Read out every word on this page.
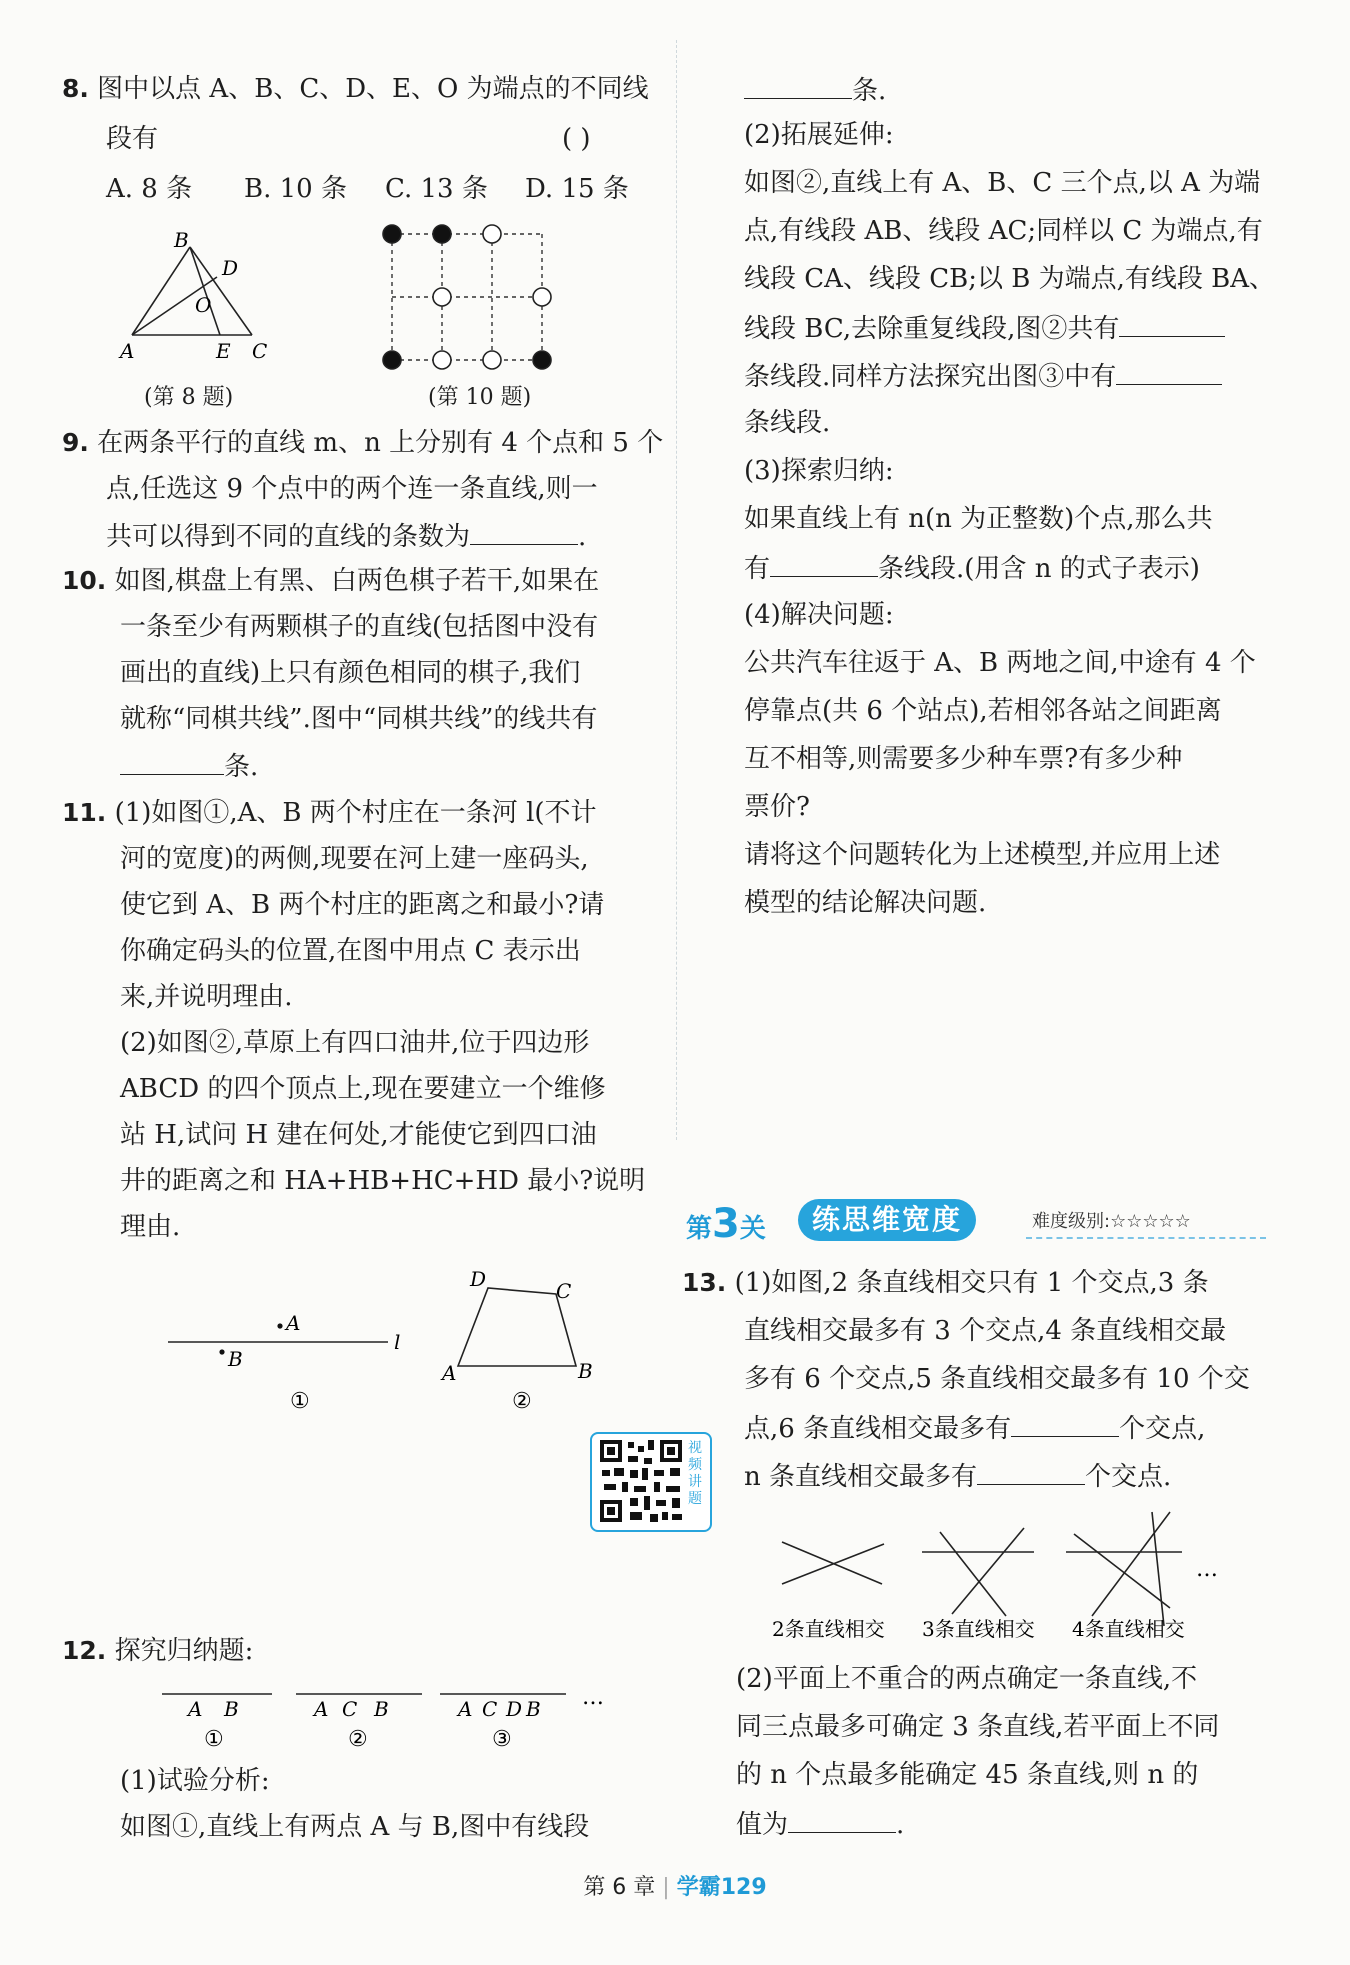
8. 图中以点 A、B、C、D、E、O 为端点的不同线
段有	( )
A. 8 条 B. 10 条 C. 13 条 D. 15 条
B
D
O
A	E C
(第 8 题)	(第 10 题)
9. 在两条平行的直线 m、n 上分别有 4 个点和 5 个
点,任选这 9 个点中的两个连一条直线,则一
共可以得到不同的直线的条数为	.
10. 如图,棋盘上有黑、白两色棋子若干,如果在
一条至少有两颗棋子的直线(包括图中没有
画出的直线)上只有颜色相同的棋子,我们
就称“同棋共线”.图中“同棋共线”的线共有
条.
11. (1)如图①,A、B 两个村庄在一条河 l(不计
河的宽度)的两侧,现要在河上建一座码头,
使它到 A、B 两个村庄的距离之和最小?请
你确定码头的位置,在图中用点 C 表示出
来,并说明理由.
(2)如图②,草原上有四口油井,位于四边形
ABCD 的四个顶点上,现在要建立一个维修
站 H,试问 H 建在何处,才能使它到四口油
井的距离之和 HA+HB+HC+HD 最小?说明
理由.
A
B
l
①
D	C
A	B
②
视频讲题
12. 探究归纳题:
A B	A C B	A C D B …
①	②	③
(1)试验分析:
如图①,直线上有两点 A 与 B,图中有线段
条.
(2)拓展延伸:
如图②,直线上有 A、B、C 三个点,以 A 为端
点,有线段 AB、线段 AC;同样以 C 为端点,有
线段 CA、线段 CB;以 B 为端点,有线段 BA、
线段 BC,去除重复线段,图②共有
条线段.同样方法探究出图③中有
条线段.
(3)探索归纳:
如果直线上有 n(n 为正整数)个点,那么共
有	条线段.(用含 n 的式子表示)
(4)解决问题:
公共汽车往返于 A、B 两地之间,中途有 4 个
停靠点(共 6 个站点),若相邻各站之间距离
互不相等,则需要多少种车票?有多少种
票价?
请将这个问题转化为上述模型,并应用上述
模型的结论解决问题.
第3关	练思维宽度	难度级别:☆☆☆☆☆
13. (1)如图,2 条直线相交只有 1 个交点,3 条
直线相交最多有 3 个交点,4 条直线相交最
多有 6 个交点,5 条直线相交最多有 10 个交
点,6 条直线相交最多有	个交点,
n 条直线相交最多有	个交点.
…
2条直线相交 3条直线相交 4条直线相交
(2)平面上不重合的两点确定一条直线,不
同三点最多可确定 3 条直线,若平面上不同
的 n 个点最多能确定 45 条直线,则 n 的
值为	.
第 6 章 | 学霸129
